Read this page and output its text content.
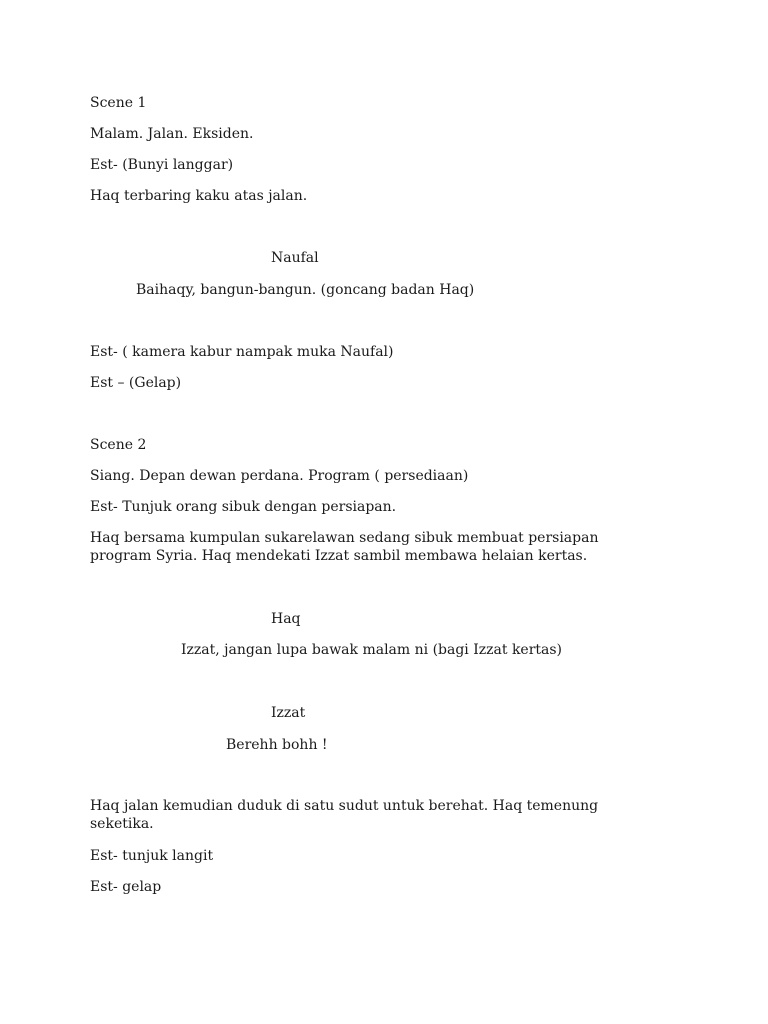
Scene 1
Malam. Jalan. Eksiden.
Est- (Bunyi langgar)
Haq terbaring kaku atas jalan.
Naufal
Baihaqy, bangun-bangun. (goncang badan Haq)
Est- ( kamera kabur nampak muka Naufal)
Est – (Gelap)
Scene 2
Siang. Depan dewan perdana. Program ( persediaan)
Est- Tunjuk orang sibuk dengan persiapan.
Haq bersama kumpulan sukarelawan sedang sibuk membuat persiapan program Syria. Haq mendekati Izzat sambil membawa helaian kertas.
Haq
Izzat, jangan lupa bawak malam ni (bagi Izzat kertas)
Izzat
Berehh bohh !
Haq jalan kemudian duduk di satu sudut untuk berehat. Haq temenung seketika.
Est- tunjuk langit
Est- gelap
